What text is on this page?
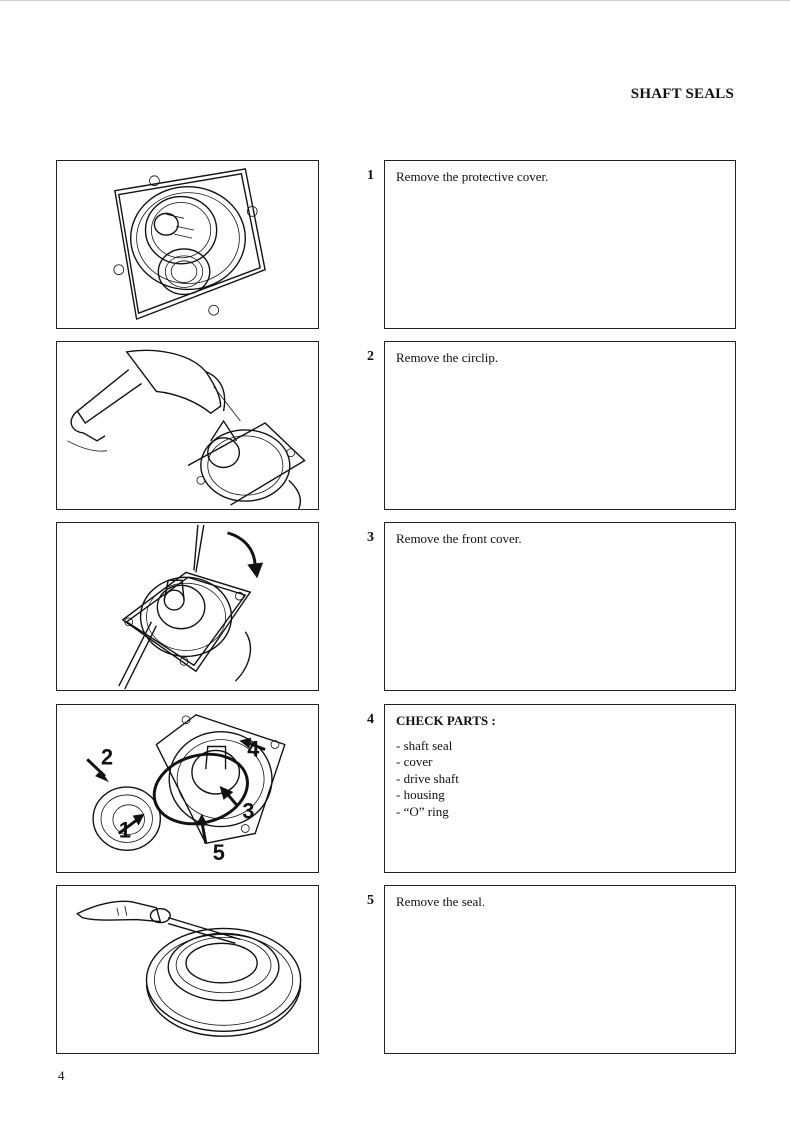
SHAFT SEALS
1	Remove the protective cover.
2	Remove the circlip.
3	Remove the front cover.
1
2
3
4
5
4 CHECK PARTS :
- shaft seal
- cover
- drive shaft
- housing
- “O” ring
5	Remove the seal.
4
